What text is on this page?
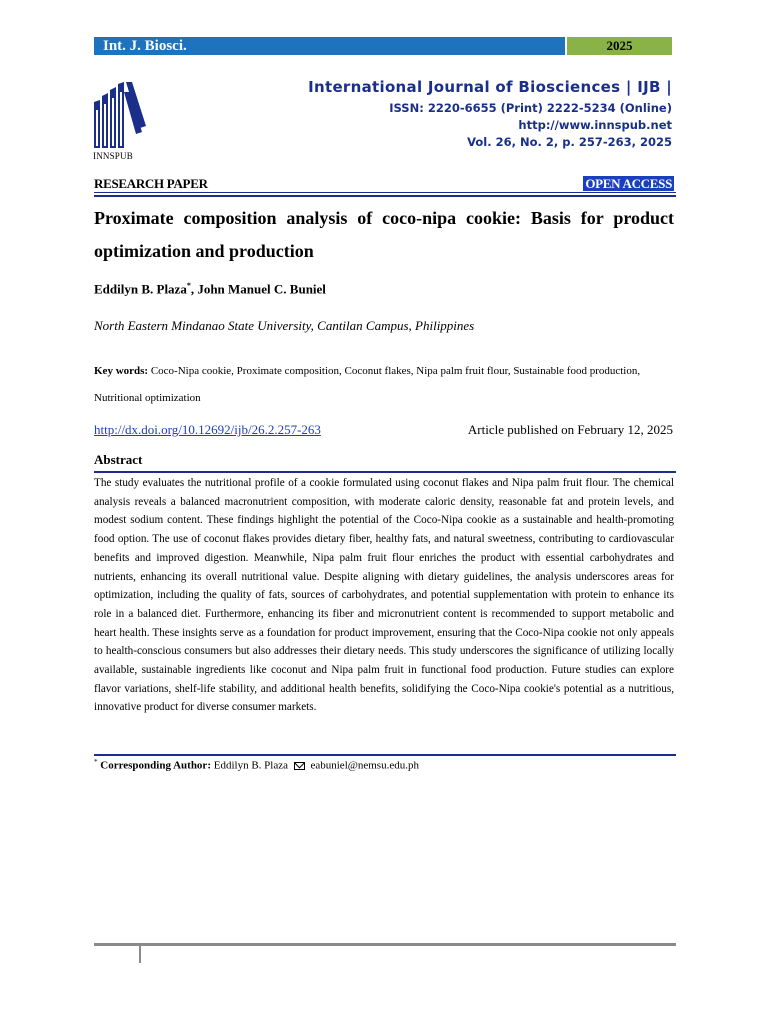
Int. J. Biosci.	2025
INNSPUB
International Journal of Biosciences | IJB |
ISSN: 2220-6655 (Print) 2222-5234 (Online)
http://www.innspub.net
Vol. 26, No. 2, p. 257-263, 2025
RESEARCH PAPER	OPEN ACCESS
Proximate composition analysis of coco-nipa cookie: Basis for product optimization and production
Eddilyn B. Plaza*, John Manuel C. Buniel
North Eastern Mindanao State University, Cantilan Campus, Philippines
Key words: Coco-Nipa cookie, Proximate composition, Coconut flakes, Nipa palm fruit flour, Sustainable food production, Nutritional optimization
http://dx.doi.org/10.12692/ijb/26.2.257-263	Article published on February 12, 2025
Abstract
The study evaluates the nutritional profile of a cookie formulated using coconut flakes and Nipa palm fruit flour. The chemical analysis reveals a balanced macronutrient composition, with moderate caloric density, reasonable fat and protein levels, and modest sodium content. These findings highlight the potential of the Coco-Nipa cookie as a sustainable and health-promoting food option. The use of coconut flakes provides dietary fiber, healthy fats, and natural sweetness, contributing to cardiovascular benefits and improved digestion. Meanwhile, Nipa palm fruit flour enriches the product with essential carbohydrates and nutrients, enhancing its overall nutritional value. Despite aligning with dietary guidelines, the analysis underscores areas for optimization, including the quality of fats, sources of carbohydrates, and potential supplementation with protein to enhance its role in a balanced diet. Furthermore, enhancing its fiber and micronutrient content is recommended to support metabolic and heart health. These insights serve as a foundation for product improvement, ensuring that the Coco-Nipa cookie not only appeals to health-conscious consumers but also addresses their dietary needs. This study underscores the significance of utilizing locally available, sustainable ingredients like coconut and Nipa palm fruit in functional food production. Future studies can explore flavor variations, shelf-life stability, and additional health benefits, solidifying the Coco-Nipa cookie's potential as a nutritious, innovative product for diverse consumer markets.
* Corresponding Author: Eddilyn B. Plaza eabuniel@nemsu.edu.ph
